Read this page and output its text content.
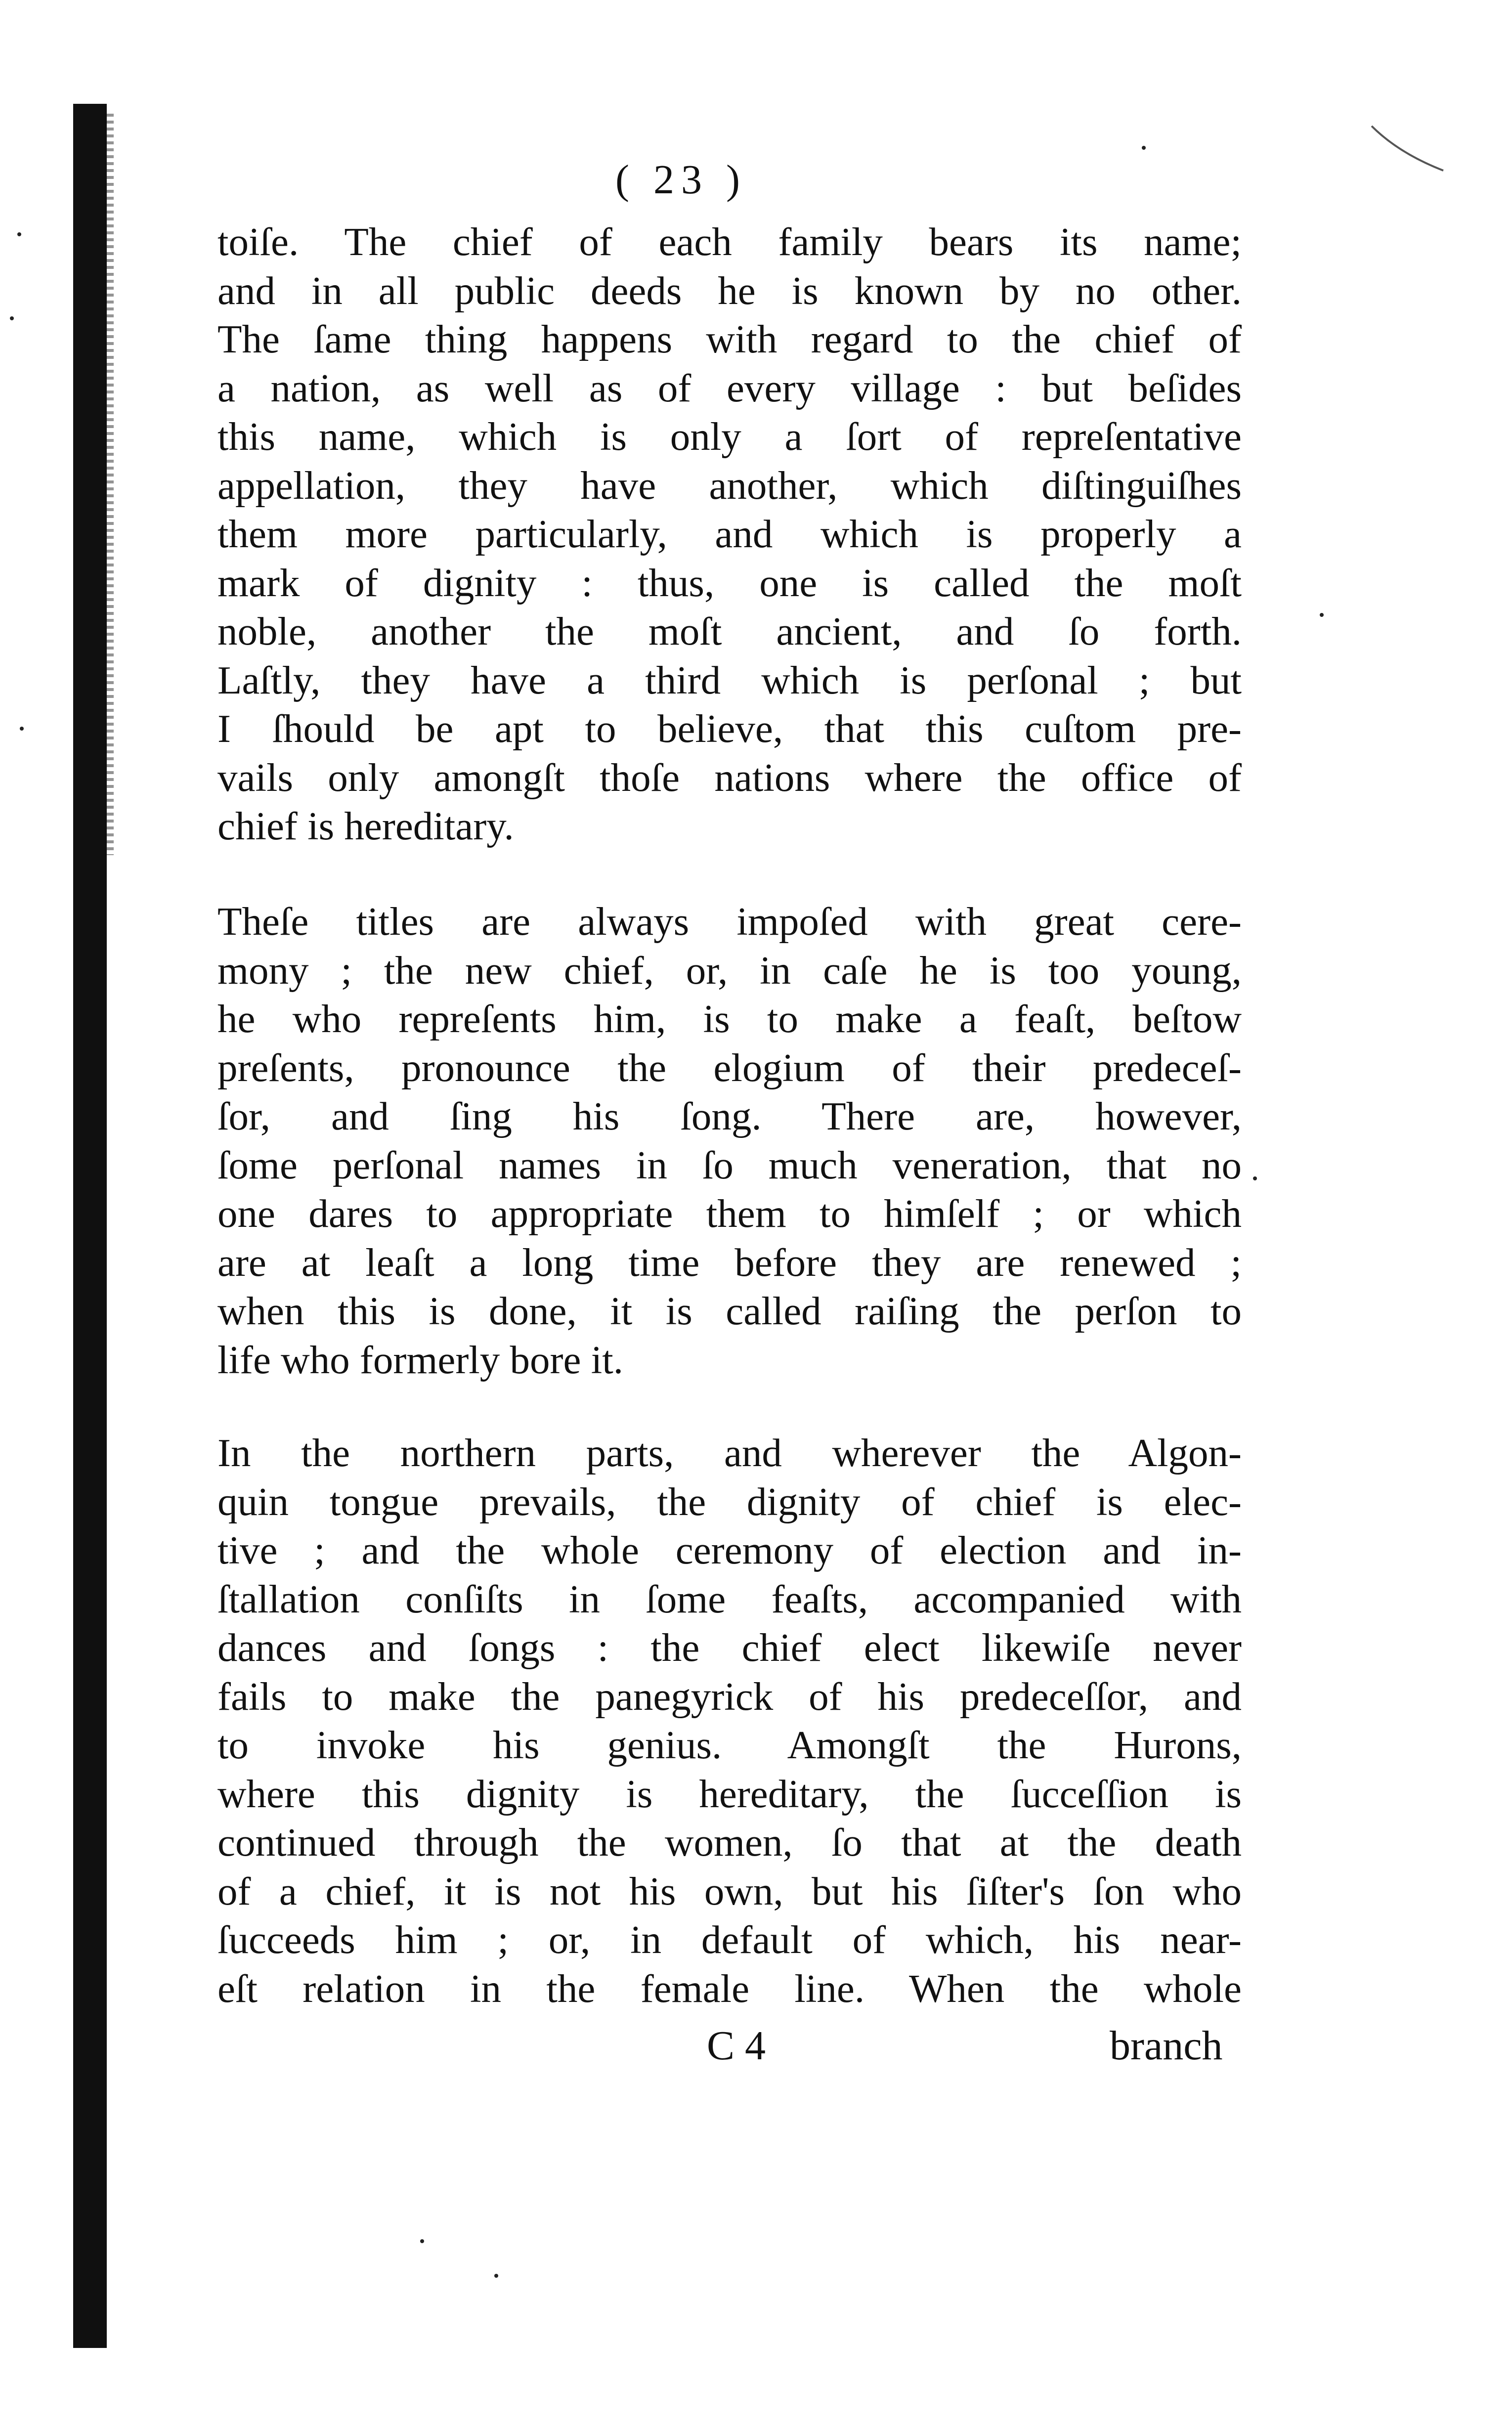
( 23 )
toiſe. The chief of each family bears its name;
and in all public deeds he is known by no other.
The ſame thing happens with regard to the chief of
a nation, as well as of every village : but beſides
this name, which is only a ſort of repreſentative
appellation, they have another, which diſtinguiſhes
them more particularly, and which is properly a
mark of dignity : thus, one is called the moſt
noble, another the moſt ancient, and ſo forth.
Laſtly, they have a third which is perſonal ; but
I ſhould be apt to believe, that this cuſtom pre-
vails only amongſt thoſe nations where the office of
chief is hereditary.
Theſe titles are always impoſed with great cere-
mony ; the new chief, or, in caſe he is too young,
he who repreſents him, is to make a feaſt, beſtow
preſents, pronounce the elogium of their predeceſ-
ſor, and ſing his ſong. There are, however,
ſome perſonal names in ſo much veneration, that no
one dares to appropriate them to himſelf ; or which
are at leaſt a long time before they are renewed ;
when this is done, it is called raiſing the perſon to
life who formerly bore it.
In the northern parts, and wherever the Algon-
quin tongue prevails, the dignity of chief is elec-
tive ; and the whole ceremony of election and in-
ſtallation conſiſts in ſome feaſts, accompanied with
dances and ſongs : the chief elect likewiſe never
fails to make the panegyrick of his predeceſſor, and
to invoke his genius. Amongſt the Hurons,
where this dignity is hereditary, the ſucceſſion is
continued through the women, ſo that at the death
of a chief, it is not his own, but his ſiſter's ſon who
ſucceeds him ; or, in default of which, his near-
eſt relation in the female line. When the whole
C 4	branch
